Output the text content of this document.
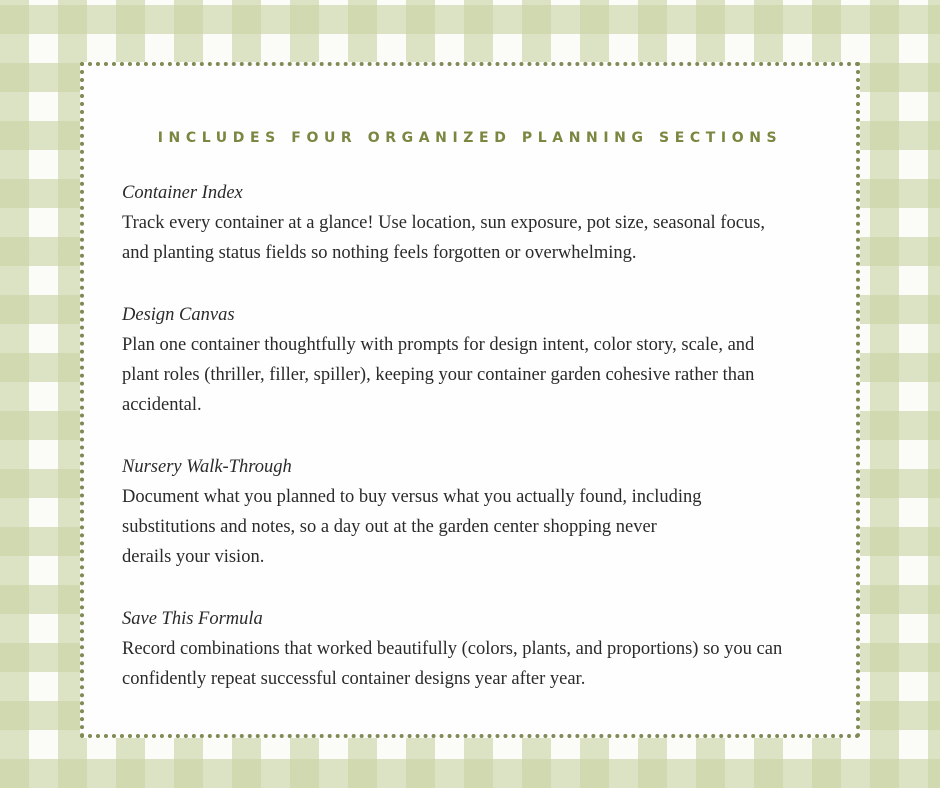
INCLUDES FOUR ORGANIZED PLANNING SECTIONS
Container Index
Track every container at a glance! Use location, sun exposure, pot size, seasonal focus,
and planting status fields so nothing feels forgotten or overwhelming.
Design Canvas
Plan one container thoughtfully with prompts for design intent, color story, scale, and
plant roles (thriller, filler, spiller), keeping your container garden cohesive rather than
accidental.
Nursery Walk-Through
Document what you planned to buy versus what you actually found, including
substitutions and notes, so a day out at the garden center shopping never
derails your vision.
Save This Formula
Record combinations that worked beautifully (colors, plants, and proportions) so you can
confidently repeat successful container designs year after year.
